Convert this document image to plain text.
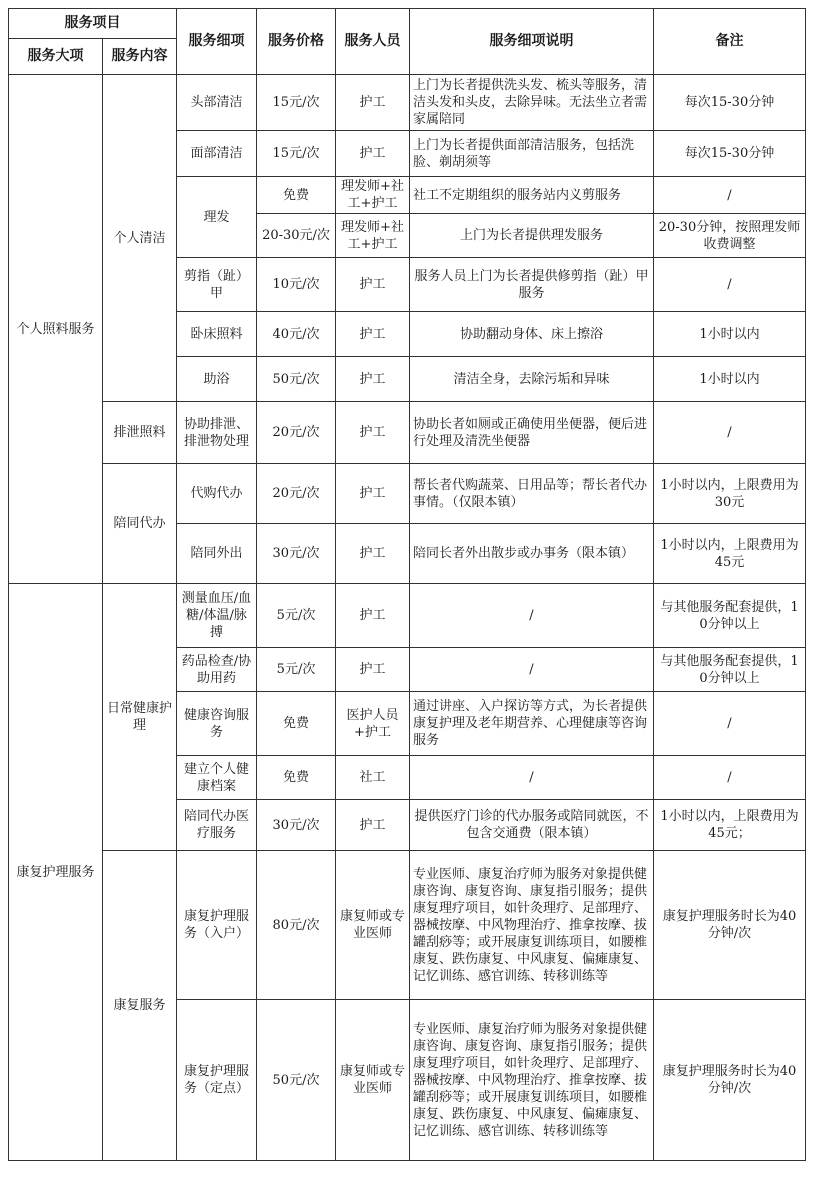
服务项目		服务细项	服务价格	服务人员	服务细项说明	备注
服务大项	服务内容					
个人照料服务	个人清洁	头部清洁	15元/次	护工	上门为长者提供洗头发、梳头等服务，清洁头发和头皮，去除异味。无法坐立者需家属陪同	每次15-30分钟
		面部清洁	15元/次	护工	上门为长者提供面部清洁服务，包括洗脸、剃胡须等	每次15-30分钟
		理发	免费	理发师+社工+护工	社工不定期组织的服务站内义剪服务	/
			20-30元/次	理发师+社工+护工	上门为长者提供理发服务	20-30分钟，按照理发师收费调整
		剪指（趾）甲	10元/次	护工	服务人员上门为长者提供修剪指（趾）甲服务	/
		卧床照料	40元/次	护工	协助翻动身体、床上擦浴	1小时以内
		助浴	50元/次	护工	清洁全身，去除污垢和异味	1小时以内
	排泄照料	协助排泄、排泄物处理	20元/次	护工	协助长者如厕或正确使用坐便器，便后进行处理及清洗坐便器	/
	陪同代办	代购代办	20元/次	护工	帮长者代购蔬菜、日用品等；帮长者代办事情。（仅限本镇）	1小时以内，上限费用为30元
		陪同外出	30元/次	护工	陪同长者外出散步或办事务（限本镇）	1小时以内，上限费用为45元
康复护理服务	日常健康护理	测量血压/血糖/体温/脉搏	5元/次	护工	/	与其他服务配套提供，10分钟以上
		药品检查/协助用药	5元/次	护工	/	与其他服务配套提供，10分钟以上
		健康咨询服务	免费	医护人员+护工	通过讲座、入户探访等方式，为长者提供康复护理及老年期营养、心理健康等咨询服务	/
		建立个人健康档案	免费	社工	/	/
		陪同代办医疗服务	30元/次	护工	提供医疗门诊的代办服务或陪同就医，不包含交通费（限本镇）	1小时以内，上限费用为45元；
	康复服务	康复护理服务（入户）	80元/次	康复师或专业医师	专业医师、康复治疗师为服务对象提供健康咨询、康复咨询、康复指引服务；提供康复理疗项目，如针灸理疗、足部理疗、器械按摩、中风物理治疗、推拿按摩、拔罐刮痧等；或开展康复训练项目，如腰椎康复、跌伤康复、中风康复、偏瘫康复、记忆训练、感官训练、转移训练等	康复护理服务时长为40分钟/次
		康复护理服务（定点）	50元/次	康复师或专业医师	专业医师、康复治疗师为服务对象提供健康咨询、康复咨询、康复指引服务；提供康复理疗项目，如针灸理疗、足部理疗、器械按摩、中风物理治疗、推拿按摩、拔罐刮痧等；或开展康复训练项目，如腰椎康复、跌伤康复、中风康复、偏瘫康复、记忆训练、感官训练、转移训练等	康复护理服务时长为40分钟/次
